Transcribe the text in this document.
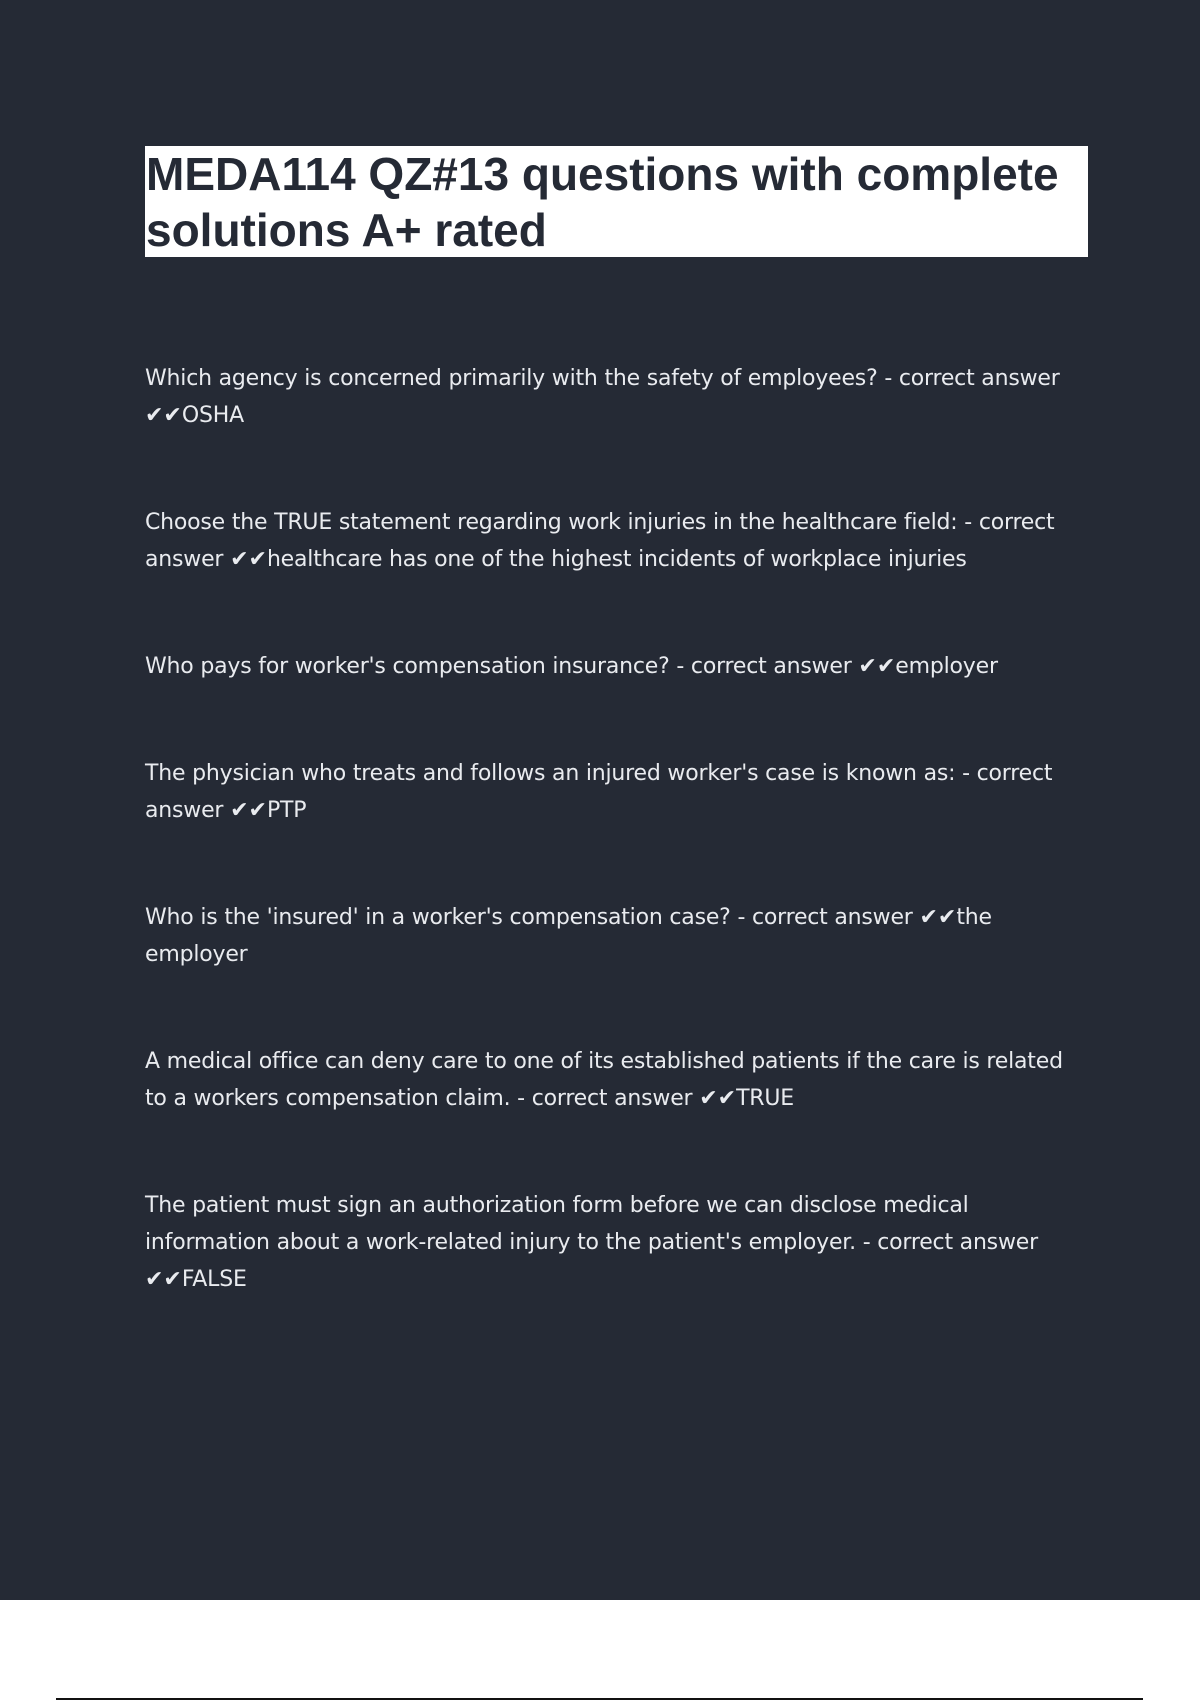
MEDA114 QZ#13 questions with complete solutions A+ rated

Which agency is concerned primarily with the safety of employees? - correct answer ✔✔OSHA

Choose the TRUE statement regarding work injuries in the healthcare field: - correct answer ✔✔healthcare has one of the highest incidents of workplace injuries

Who pays for worker's compensation insurance? - correct answer ✔✔employer

The physician who treats and follows an injured worker's case is known as: - correct answer ✔✔PTP

Who is the 'insured' in a worker's compensation case? - correct answer ✔✔the employer

A medical office can deny care to one of its established patients if the care is related to a workers compensation claim. - correct answer ✔✔TRUE

The patient must sign an authorization form before we can disclose medical information about a work-related injury to the patient's employer. - correct answer ✔✔FALSE
